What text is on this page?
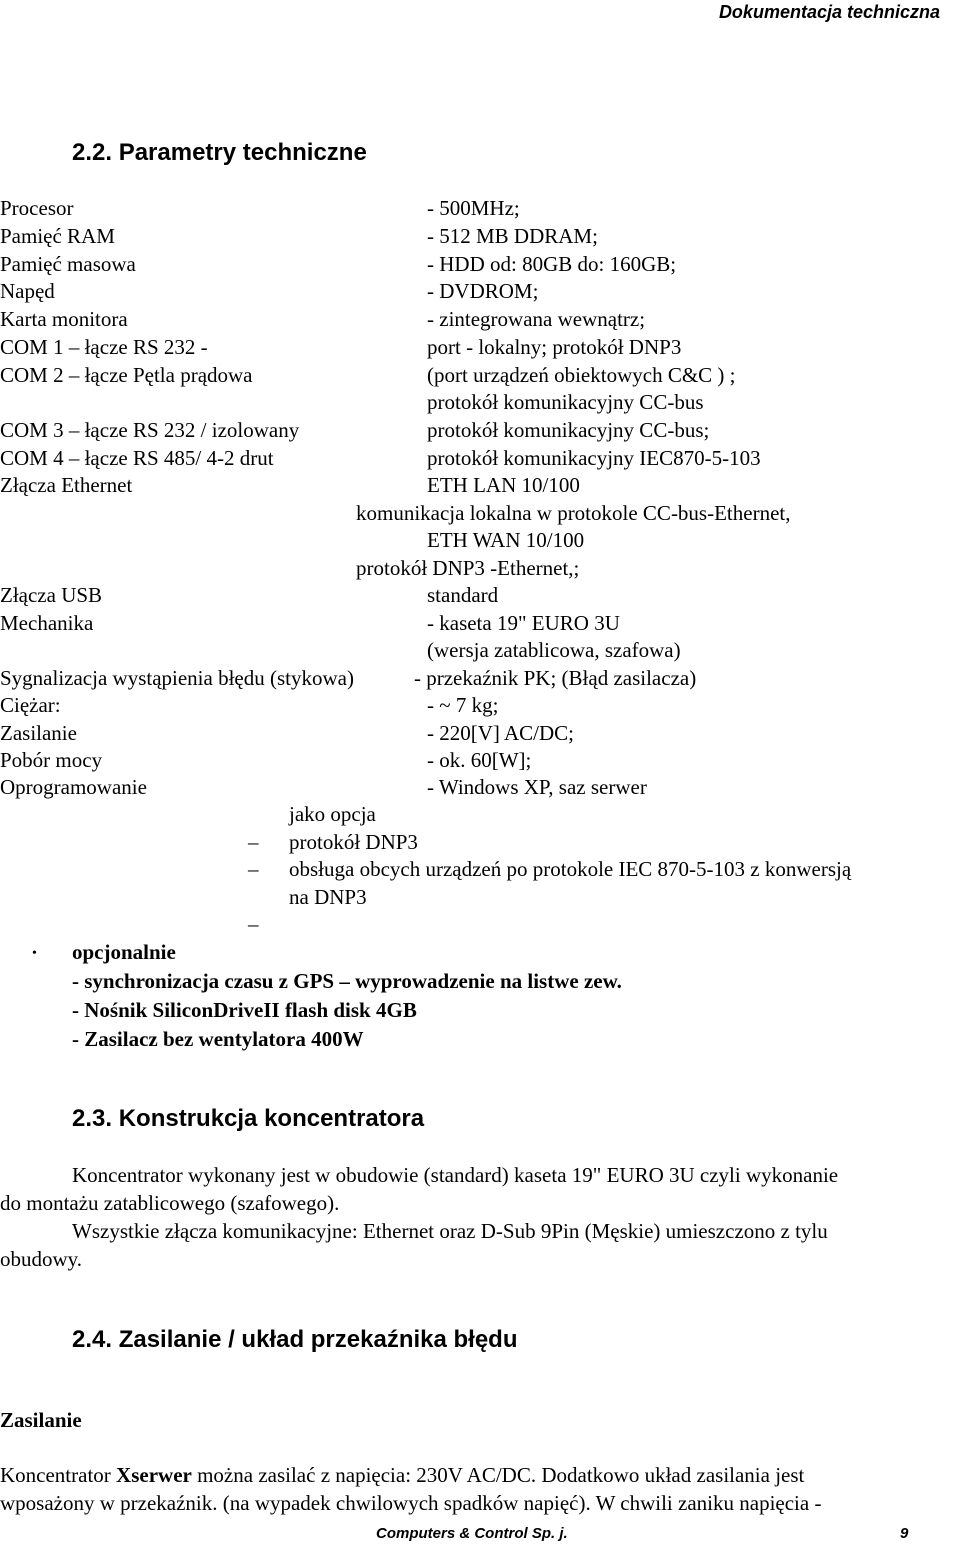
Dokumentacja techniczna
2.2. Parametry techniczne
Procesor	- 500MHz;
Pamięć RAM	- 512 MB DDRAM;
Pamięć masowa	- HDD od: 80GB do: 160GB;
Napęd	- DVDROM;
Karta monitora	- zintegrowana wewnątrz;
COM 1 – łącze RS 232 -	port - lokalny; protokół DNP3
COM 2 – łącze Pętla prądowa	(port urządzeń obiektowych C&C ) ;
protokół komunikacyjny CC-bus
COM 3 – łącze RS 232 / izolowany	protokół komunikacyjny CC-bus;
COM 4 – łącze RS 485/ 4-2 drut	protokół komunikacyjny IEC870-5-103
Złącza Ethernet	ETH LAN 10/100
komunikacja lokalna w protokole CC-bus-Ethernet,
ETH WAN 10/100
protokół DNP3 -Ethernet,;
Złącza USB	standard
Mechanika	- kaseta 19" EURO 3U
(wersja zatablicowa, szafowa)
Sygnalizacja wystąpienia błędu (stykowa)	- przekaźnik PK; (Błąd zasilacza)
Ciężar:	- ~ 7 kg;
Zasilanie	- 220[V] AC/DC;
Pobór mocy	- ok. 60[W];
Oprogramowanie	- Windows XP, saz serwer
jako opcja
– protokół DNP3
– obsługa obcych urządzeń po protokole IEC 870-5-103 z konwersją
na DNP3
–
• opcjonalnie
- synchronizacja czasu z GPS – wyprowadzenie na listwe zew.
- Nośnik SiliconDriveII flash disk 4GB
- Zasilacz bez wentylatora 400W
2.3. Konstrukcja koncentratora
Koncentrator wykonany jest w obudowie (standard) kaseta 19" EURO 3U czyli wykonanie
do montażu zatablicowego (szafowego).
Wszystkie złącza komunikacyjne: Ethernet oraz D-Sub 9Pin (Męskie) umieszczono z tylu
obudowy.
2.4. Zasilanie / układ przekaźnika błędu
Zasilanie
Koncentrator Xserwer można zasilać z napięcia: 230V AC/DC. Dodatkowo układ zasilania jest
wposażony w przekaźnik. (na wypadek chwilowych spadków napięć). W chwili zaniku napięcia -
Computers & Control Sp. j.	9
